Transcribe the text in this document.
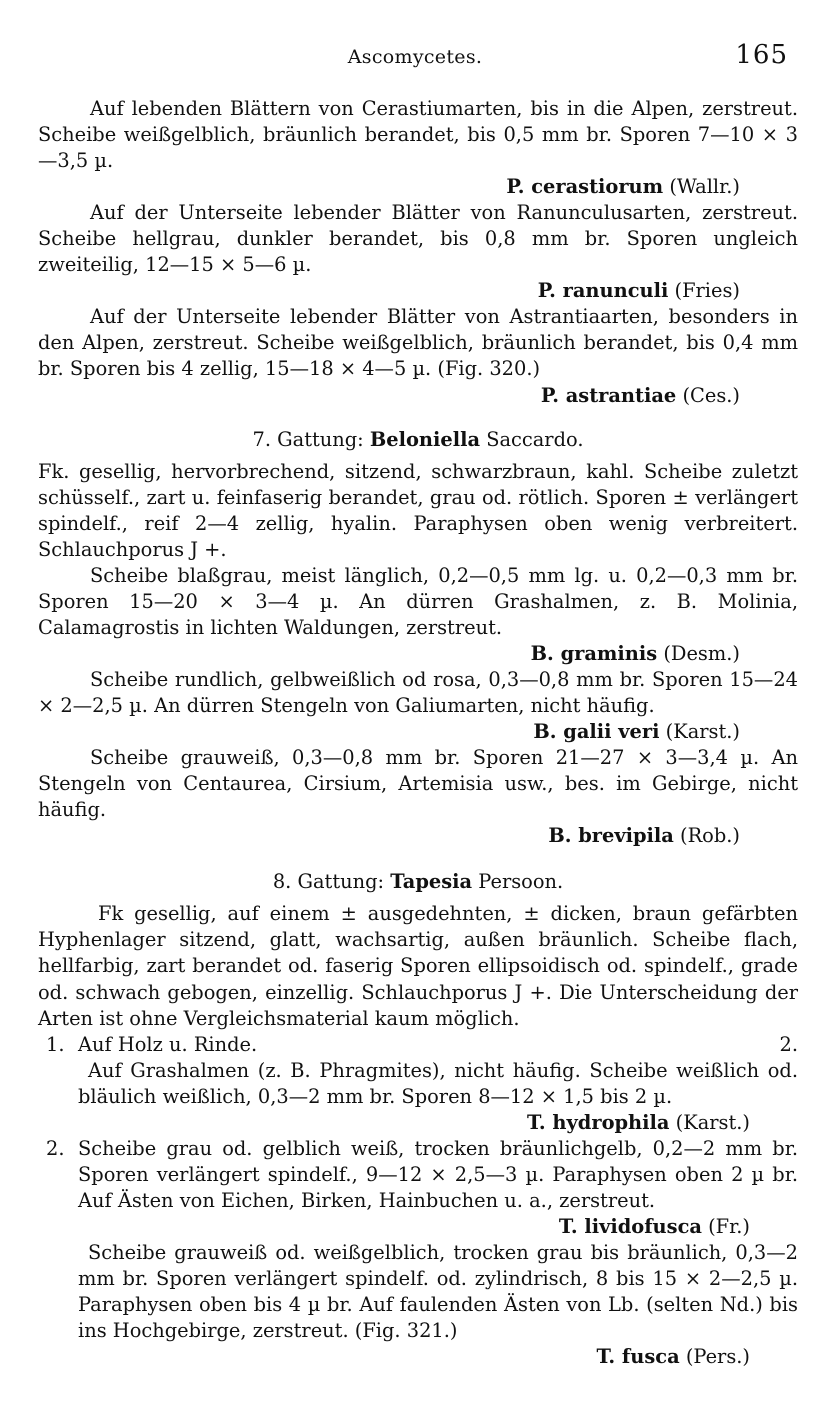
Ascomycetes.	165

Auf lebenden Blättern von Cerastiumarten, bis in die Alpen, zerstreut. Scheibe weißgelblich, bräunlich berandet, bis 0,5 mm br. Sporen 7—10 × 3—3,5 µ.
P. cerastiorum (Wallr.)

Auf der Unterseite lebender Blätter von Ranunculusarten, zerstreut. Scheibe hellgrau, dunkler berandet, bis 0,8 mm br. Sporen ungleich zweiteilig, 12—15 × 5—6 µ.
P. ranunculi (Fries)

Auf der Unterseite lebender Blätter von Astrantiaarten, besonders in den Alpen, zerstreut. Scheibe weißgelblich, bräunlich berandet, bis 0,4 mm br. Sporen bis 4 zellig, 15—18 × 4—5 µ. (Fig. 320.)
P. astrantiae (Ces.)

7. Gattung: Beloniella Saccardo.

Fk. gesellig, hervorbrechend, sitzend, schwarzbraun, kahl. Scheibe zuletzt schüsself., zart u. feinfaserig berandet, grau od. rötlich. Sporen ± verlängert spindelf., reif 2—4 zellig, hyalin. Paraphysen oben wenig verbreitert. Schlauchporus J +.

Scheibe blaßgrau, meist länglich, 0,2—0,5 mm lg. u. 0,2—0,3 mm br. Sporen 15—20 × 3—4 µ. An dürren Grashalmen, z. B. Molinia, Calamagrostis in lichten Waldungen, zerstreut.
B. graminis (Desm.)

Scheibe rundlich, gelbweißlich od rosa, 0,3—0,8 mm br. Sporen 15—24 × 2—2,5 µ. An dürren Stengeln von Galiumarten, nicht häufig.
B. galii veri (Karst.)

Scheibe grauweiß, 0,3—0,8 mm br. Sporen 21—27 × 3—3,4 µ. An Stengeln von Centaurea, Cirsium, Artemisia usw., bes. im Gebirge, nicht häufig.
B. brevipila (Rob.)

8. Gattung: Tapesia Persoon.

Fk gesellig, auf einem ± ausgedehnten, ± dicken, braun gefärbten Hyphenlager sitzend, glatt, wachsartig, außen bräunlich. Scheibe flach, hellfarbig, zart berandet od. faserig Sporen ellipsoidisch od. spindelf., grade od. schwach gebogen, einzellig. Schlauchporus J +. Die Unterscheidung der Arten ist ohne Vergleichsmaterial kaum möglich.

1. Auf Holz u. Rinde.	2.

Auf Grashalmen (z. B. Phragmites), nicht häufig. Scheibe weißlich od. bläulich weißlich, 0,3—2 mm br. Sporen 8—12 × 1,5 bis 2 µ.
T. hydrophila (Karst.)

2. Scheibe grau od. gelblich weiß, trocken bräunlichgelb, 0,2—2 mm br. Sporen verlängert spindelf., 9—12 × 2,5—3 µ. Paraphysen oben 2 µ br. Auf Ästen von Eichen, Birken, Hainbuchen u. a., zerstreut.
T. lividofusca (Fr.)

Scheibe grauweiß od. weißgelblich, trocken grau bis bräunlich, 0,3—2 mm br. Sporen verlängert spindelf. od. zylindrisch, 8 bis 15 × 2—2,5 µ. Paraphysen oben bis 4 µ br. Auf faulenden Ästen von Lb. (selten Nd.) bis ins Hochgebirge, zerstreut. (Fig. 321.)
T. fusca (Pers.)
